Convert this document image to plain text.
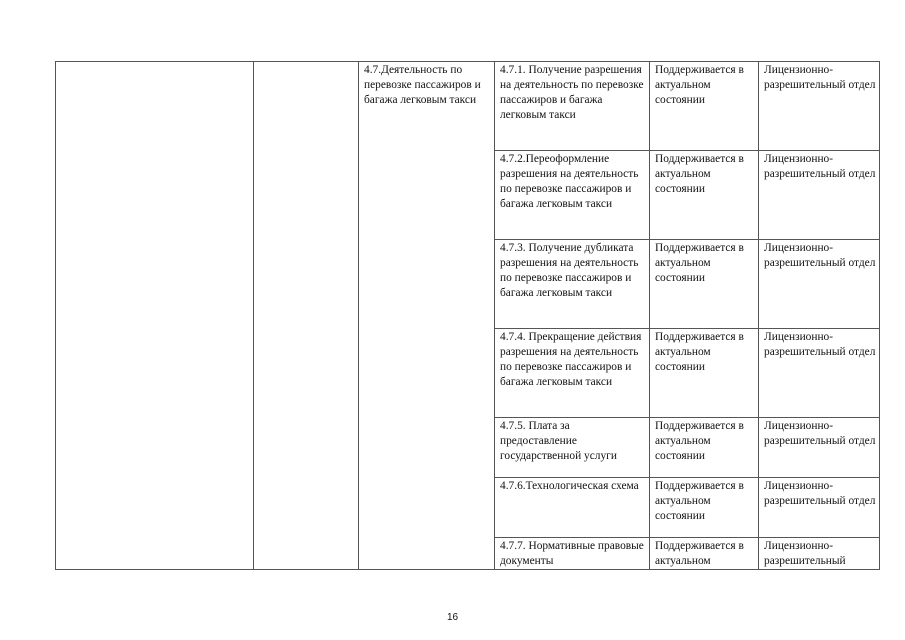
		4.7.Деятельность по перевозке пассажиров и багажа легковым такси	4.7.1. Получение разрешения на деятельность по перевозке пассажиров и багажа легковым такси	Поддерживается в актуальном состоянии	Лицензионно-разрешительный отдел
			4.7.2.Переоформление разрешения на деятельность по перевозке пассажиров и багажа легковым такси	Поддерживается в актуальном состоянии	Лицензионно-разрешительный отдел
			4.7.3. Получение дубликата разрешения на деятельность по перевозке пассажиров и багажа легковым такси	Поддерживается в актуальном состоянии	Лицензионно-разрешительный отдел
			4.7.4. Прекращение действия разрешения на деятельность по перевозке пассажиров и багажа легковым такси	Поддерживается в актуальном состоянии	Лицензионно-разрешительный отдел
			4.7.5. Плата за предоставление государственной услуги	Поддерживается в актуальном состоянии	Лицензионно-разрешительный отдел
			4.7.6.Технологическая схема	Поддерживается в актуальном состоянии	Лицензионно-разрешительный отдел
			4.7.7. Нормативные правовые документы	Поддерживается в актуальном	Лицензионно-разрешительный
16
